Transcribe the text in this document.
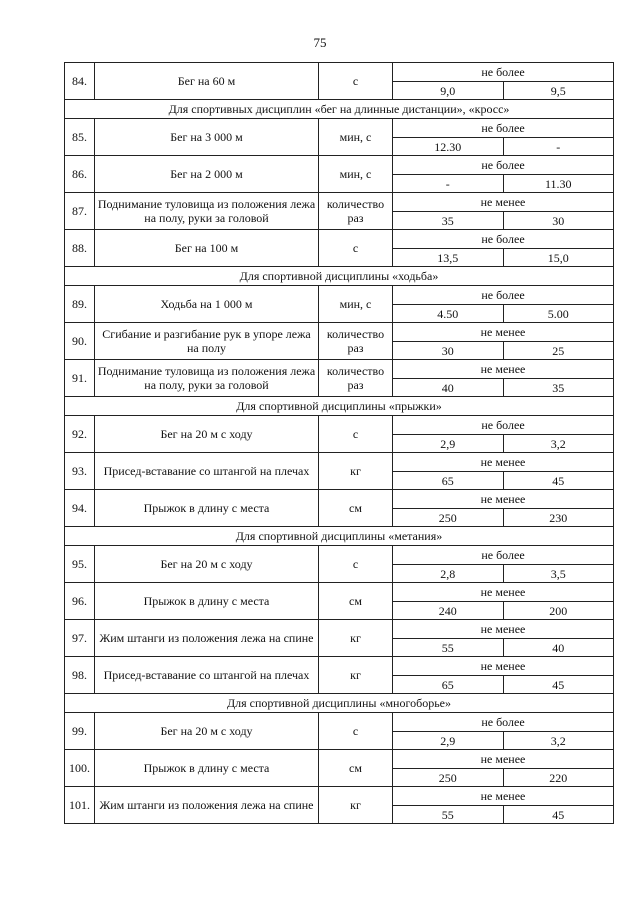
75
84.	Бег на 60 м	с	не более	
			9,0	9,5
Для спортивных дисциплин «бег на длинные дистанции», «кросс»				
85.	Бег на 3 000 м	мин, с	не более	
			12.30	-
86.	Бег на 2 000 м	мин, с	не более	
			-	11.30
87.	Поднимание туловища из положения лежа на полу, руки за головой	количество раз	не менее	
			35	30
88.	Бег на 100 м	с	не более	
			13,5	15,0
Для спортивной дисциплины «ходьба»				
89.	Ходьба на 1 000 м	мин, с	не более	
			4.50	5.00
90.	Сгибание и разгибание рук в упоре лежа на полу	количество раз	не менее	
			30	25
91.	Поднимание туловища из положения лежа на полу, руки за головой	количество раз	не менее	
			40	35
Для спортивной дисциплины «прыжки»				
92.	Бег на 20 м с ходу	с	не более	
			2,9	3,2
93.	Присед-вставание со штангой на плечах	кг	не менее	
			65	45
94.	Прыжок в длину с места	см	не менее	
			250	230
Для спортивной дисциплины «метания»				
95.	Бег на 20 м с ходу	с	не более	
			2,8	3,5
96.	Прыжок в длину с места	см	не менее	
			240	200
97.	Жим штанги из положения лежа на спине	кг	не менее	
			55	40
98.	Присед-вставание со штангой на плечах	кг	не менее	
			65	45
Для спортивной дисциплины «многоборье»				
99.	Бег на 20 м с ходу	с	не более	
			2,9	3,2
100.	Прыжок в длину с места	см	не менее	
			250	220
101.	Жим штанги из положения лежа на спине	кг	не менее	
			55	45
